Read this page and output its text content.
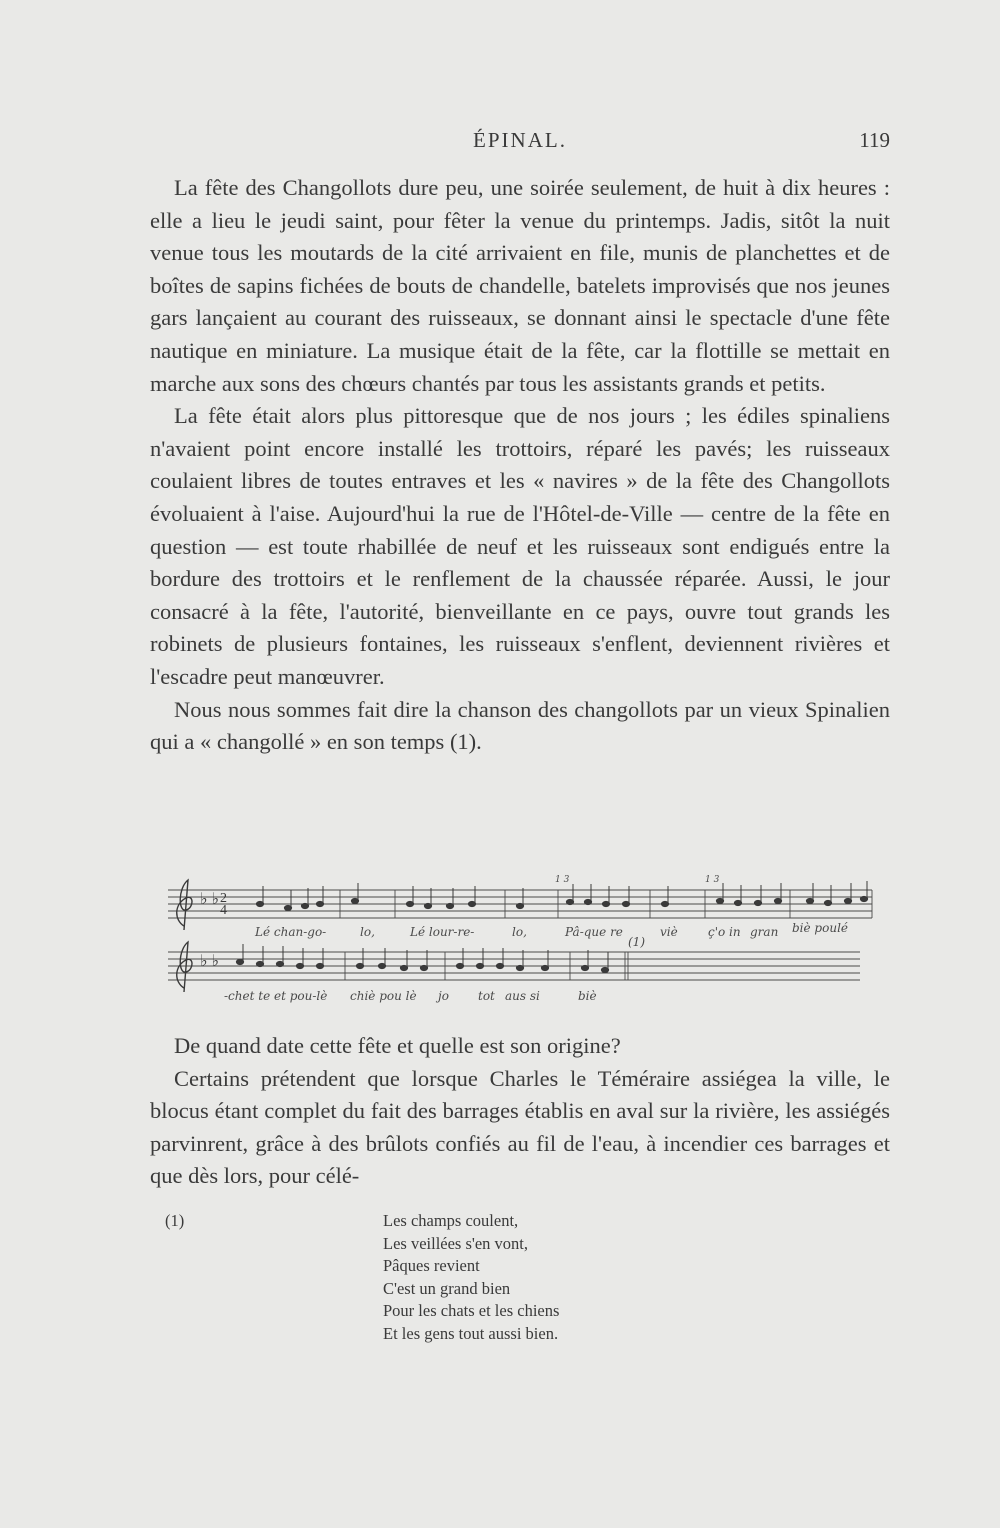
ÉPINAL.	119

La fête des Changollots dure peu, une soirée seulement, de huit à dix heures : elle a lieu le jeudi saint, pour fêter la venue du printemps. Jadis, sitôt la nuit venue tous les moutards de la cité arrivaient en file, munis de planchettes et de boîtes de sapins fichées de bouts de chandelle, batelets improvisés que nos jeunes gars lançaient au courant des ruisseaux, se donnant ainsi le spectacle d'une fête nautique en miniature. La musique était de la fête, car la flottille se mettait en marche aux sons des chœurs chantés par tous les assistants grands et petits.

La fête était alors plus pittoresque que de nos jours ; les édiles spinaliens n'avaient point encore installé les trottoirs, réparé les pavés; les ruisseaux coulaient libres de toutes entraves et les « navires » de la fête des Changollots évoluaient à l'aise. Aujourd'hui la rue de l'Hôtel-de-Ville — centre de la fête en question — est toute rhabillée de neuf et les ruisseaux sont endigués entre la bordure des trottoirs et le renflement de la chaussée réparée. Aussi, le jour consacré à la fête, l'autorité, bienveillante en ce pays, ouvre tout grands les robinets de plusieurs fontaines, les ruisseaux s'enflent, deviennent rivières et l'escadre peut manœuvrer.

Nous nous sommes fait dire la chanson des changollots par un vieux Spinalien qui a « changollé » en son temps (1).

♭ ♭
♭ ♭
2
4
Lé chan-go-	lo,	Lé lour-re-	lo,	Pâ-que re	viè	ç'o in gran biè poulé
-chet te et pou-lè chiè pou lè jo tot aus si	biè
(1)
1 3	1 3

De quand date cette fête et quelle est son origine?

Certains prétendent que lorsque Charles le Téméraire assiégea la ville, le blocus étant complet du fait des barrages établis en aval sur la rivière, les assiégés parvinrent, grâce à des brûlots confiés au fil de l'eau, à incendier ces barrages et que dès lors, pour célé-

(1)	Les champs coulent,
Les veillées s'en vont,
Pâques revient
C'est un grand bien
Pour les chats et les chiens
Et les gens tout aussi bien.
